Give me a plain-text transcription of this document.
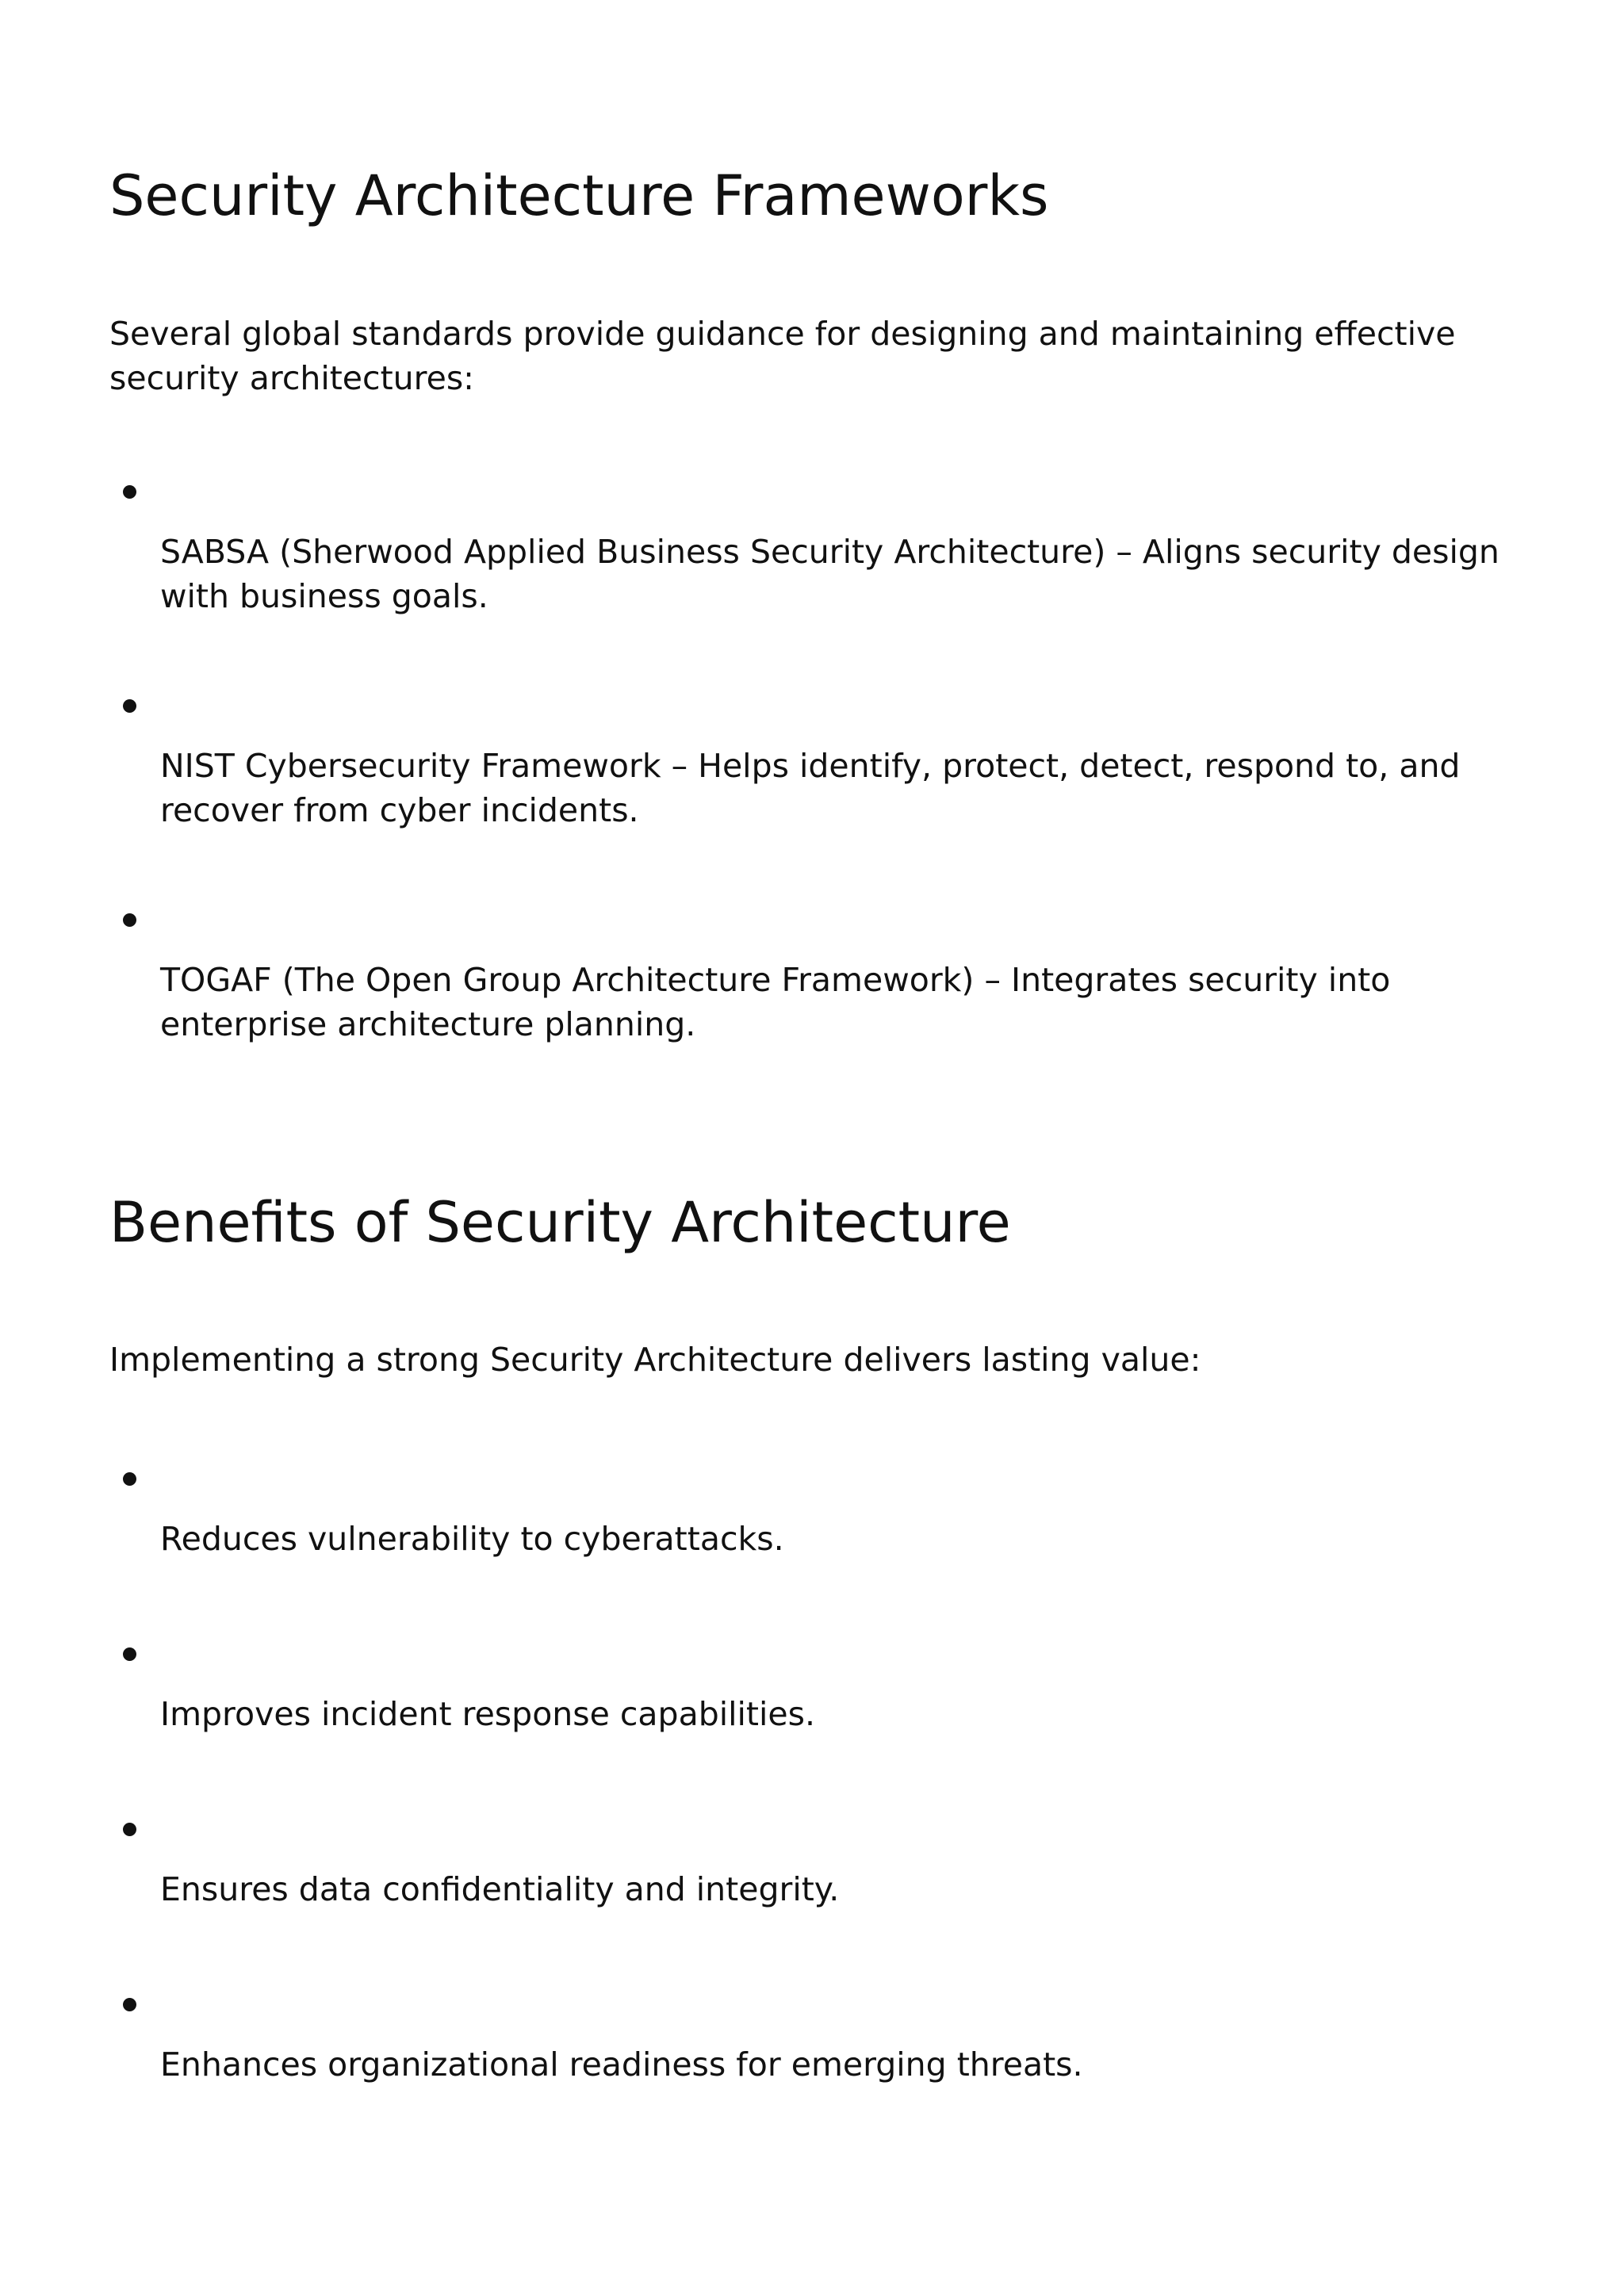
Security Architecture Frameworks

Several global standards provide guidance for designing and maintaining effective security architectures:

SABSA (Sherwood Applied Business Security Architecture) – Aligns security design with business goals.
NIST Cybersecurity Framework – Helps identify, protect, detect, respond to, and recover from cyber incidents.
TOGAF (The Open Group Architecture Framework) – Integrates security into enterprise architecture planning.
Benefits of Security Architecture

Implementing a strong Security Architecture delivers lasting value:

Reduces vulnerability to cyberattacks.
Improves incident response capabilities.
Ensures data confidentiality and integrity.
Enhances organizational readiness for emerging threats.
